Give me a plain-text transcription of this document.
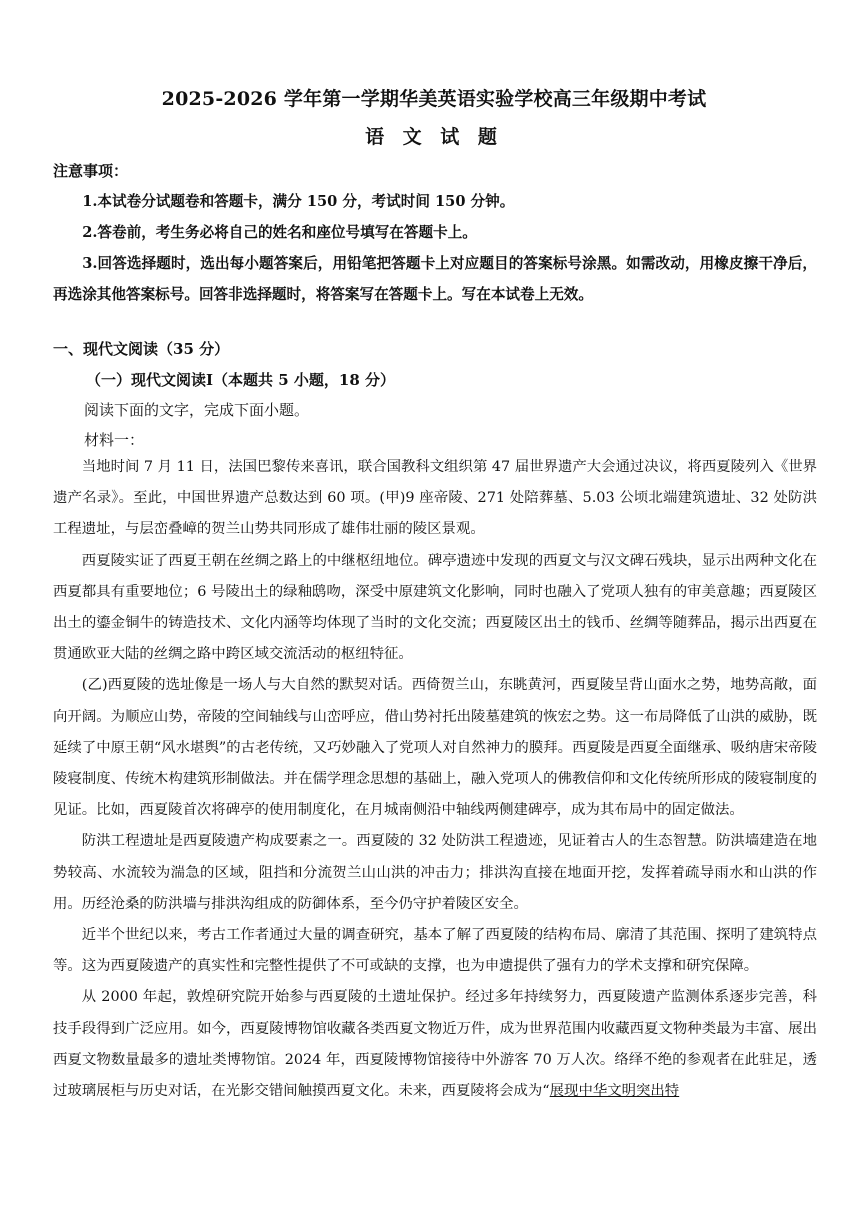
2025-2026 学年第一学期华美英语实验学校高三年级期中考试
语 文 试 题
注意事项：

1.本试卷分试题卷和答题卡，满分 150 分，考试时间 150 分钟。

2.答卷前，考生务必将自己的姓名和座位号填写在答题卡上。

3.回答选择题时，选出每小题答案后，用铅笔把答题卡上对应题目的答案标号涂黑。如需改动，用橡皮擦干净后，再选涂其他答案标号。回答非选择题时，将答案写在答题卡上。写在本试卷上无效。

一、现代文阅读（35 分）
（一）现代文阅读Ⅰ（本题共 5 小题，18 分）
阅读下面的文字，完成下面小题。
材料一：

当地时间 7 月 11 日，法国巴黎传来喜讯，联合国教科文组织第 47 届世界遗产大会通过决议，将西夏陵列入《世界遗产名录》。至此，中国世界遗产总数达到 60 项。(甲)9 座帝陵、271 处陪葬墓、5.03 公顷北端建筑遗址、32 处防洪工程遗址，与层峦叠嶂的贺兰山势共同形成了雄伟壮丽的陵区景观。

西夏陵实证了西夏王朝在丝绸之路上的中继枢纽地位。碑亭遗迹中发现的西夏文与汉文碑石残块，显示出两种文化在西夏都具有重要地位；6 号陵出土的绿釉鸱吻，深受中原建筑文化影响，同时也融入了党项人独有的审美意趣；西夏陵区出土的鎏金铜牛的铸造技术、文化内涵等均体现了当时的文化交流；西夏陵区出土的钱币、丝绸等随葬品，揭示出西夏在贯通欧亚大陆的丝绸之路中跨区域交流活动的枢纽特征。

(乙)西夏陵的选址像是一场人与大自然的默契对话。西倚贺兰山，东眺黄河，西夏陵呈背山面水之势，地势高敞，面向开阔。为顺应山势，帝陵的空间轴线与山峦呼应，借山势衬托出陵墓建筑的恢宏之势。这一布局降低了山洪的威胁，既延续了中原王朝“风水堪舆”的古老传统，又巧妙融入了党项人对自然神力的膜拜。西夏陵是西夏全面继承、吸纳唐宋帝陵陵寝制度、传统木构建筑形制做法。并在儒学理念思想的基础上，融入党项人的佛教信仰和文化传统所形成的陵寝制度的见证。比如，西夏陵首次将碑亭的使用制度化，在月城南侧沿中轴线两侧建碑亭，成为其布局中的固定做法。

防洪工程遗址是西夏陵遗产构成要素之一。西夏陵的 32 处防洪工程遗迹，见证着古人的生态智慧。防洪墙建造在地势较高、水流较为湍急的区域，阻挡和分流贺兰山山洪的冲击力；排洪沟直接在地面开挖，发挥着疏导雨水和山洪的作用。历经沧桑的防洪墙与排洪沟组成的防御体系，至今仍守护着陵区安全。

近半个世纪以来，考古工作者通过大量的调查研究，基本了解了西夏陵的结构布局、廓清了其范围、探明了建筑特点等。这为西夏陵遗产的真实性和完整性提供了不可或缺的支撑，也为申遗提供了强有力的学术支撑和研究保障。

从 2000 年起，敦煌研究院开始参与西夏陵的土遗址保护。经过多年持续努力，西夏陵遗产监测体系逐步完善，科技手段得到广泛应用。如今，西夏陵博物馆收藏各类西夏文物近万件，成为世界范围内收藏西夏文物种类最为丰富、展出西夏文物数量最多的遗址类博物馆。2024 年，西夏陵博物馆接待中外游客 70 万人次。络绎不绝的参观者在此驻足，透过玻璃展柜与历史对话，在光影交错间触摸西夏文化。未来，西夏陵将会成为“展现中华文明突出特
